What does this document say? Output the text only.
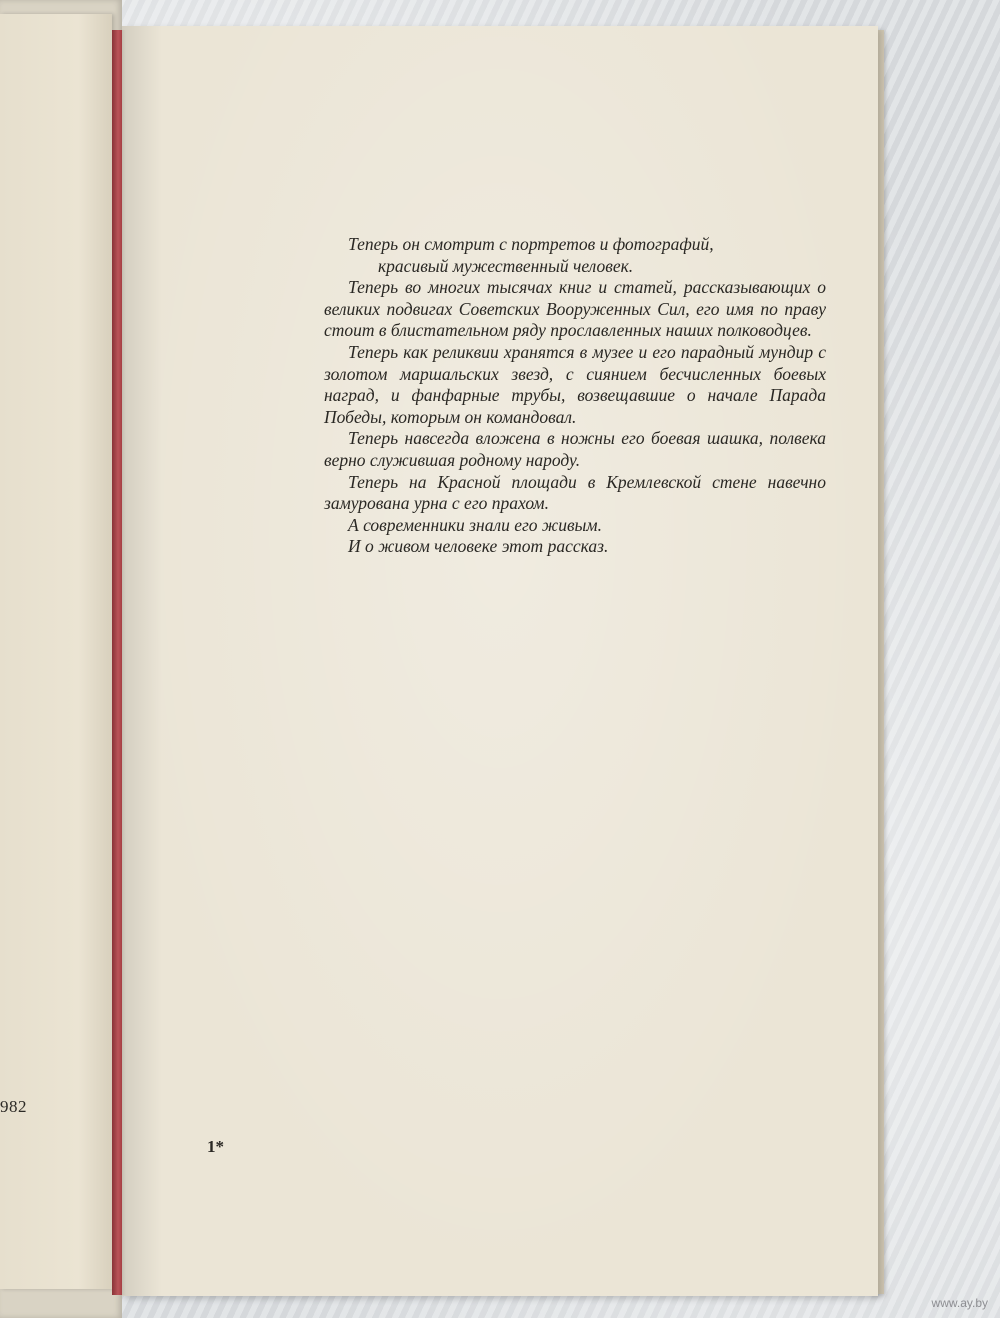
982

Теперь он смотрит с портретов и фотографий,
красивый мужественный человек.

Теперь во многих тысячах книг и статей, рассказывающих о великих подвигах Советских Вооруженных Сил, его имя по праву стоит в блистательном ряду прославленных наших полководцев.

Теперь как реликвии хранятся в музее и его парадный мундир с золотом маршальских звезд, с сиянием бесчисленных боевых наград, и фанфарные трубы, возвещавшие о начале Парада Победы, которым он командовал.

Теперь навсегда вложена в ножны его боевая шашка, полвека верно служившая родному народу.

Теперь на Красной площади в Кремлевской стене навечно замурована урна с его прахом.

А современники знали его живым.

И о живом человеке этот рассказ.

1*
www.ay.by
